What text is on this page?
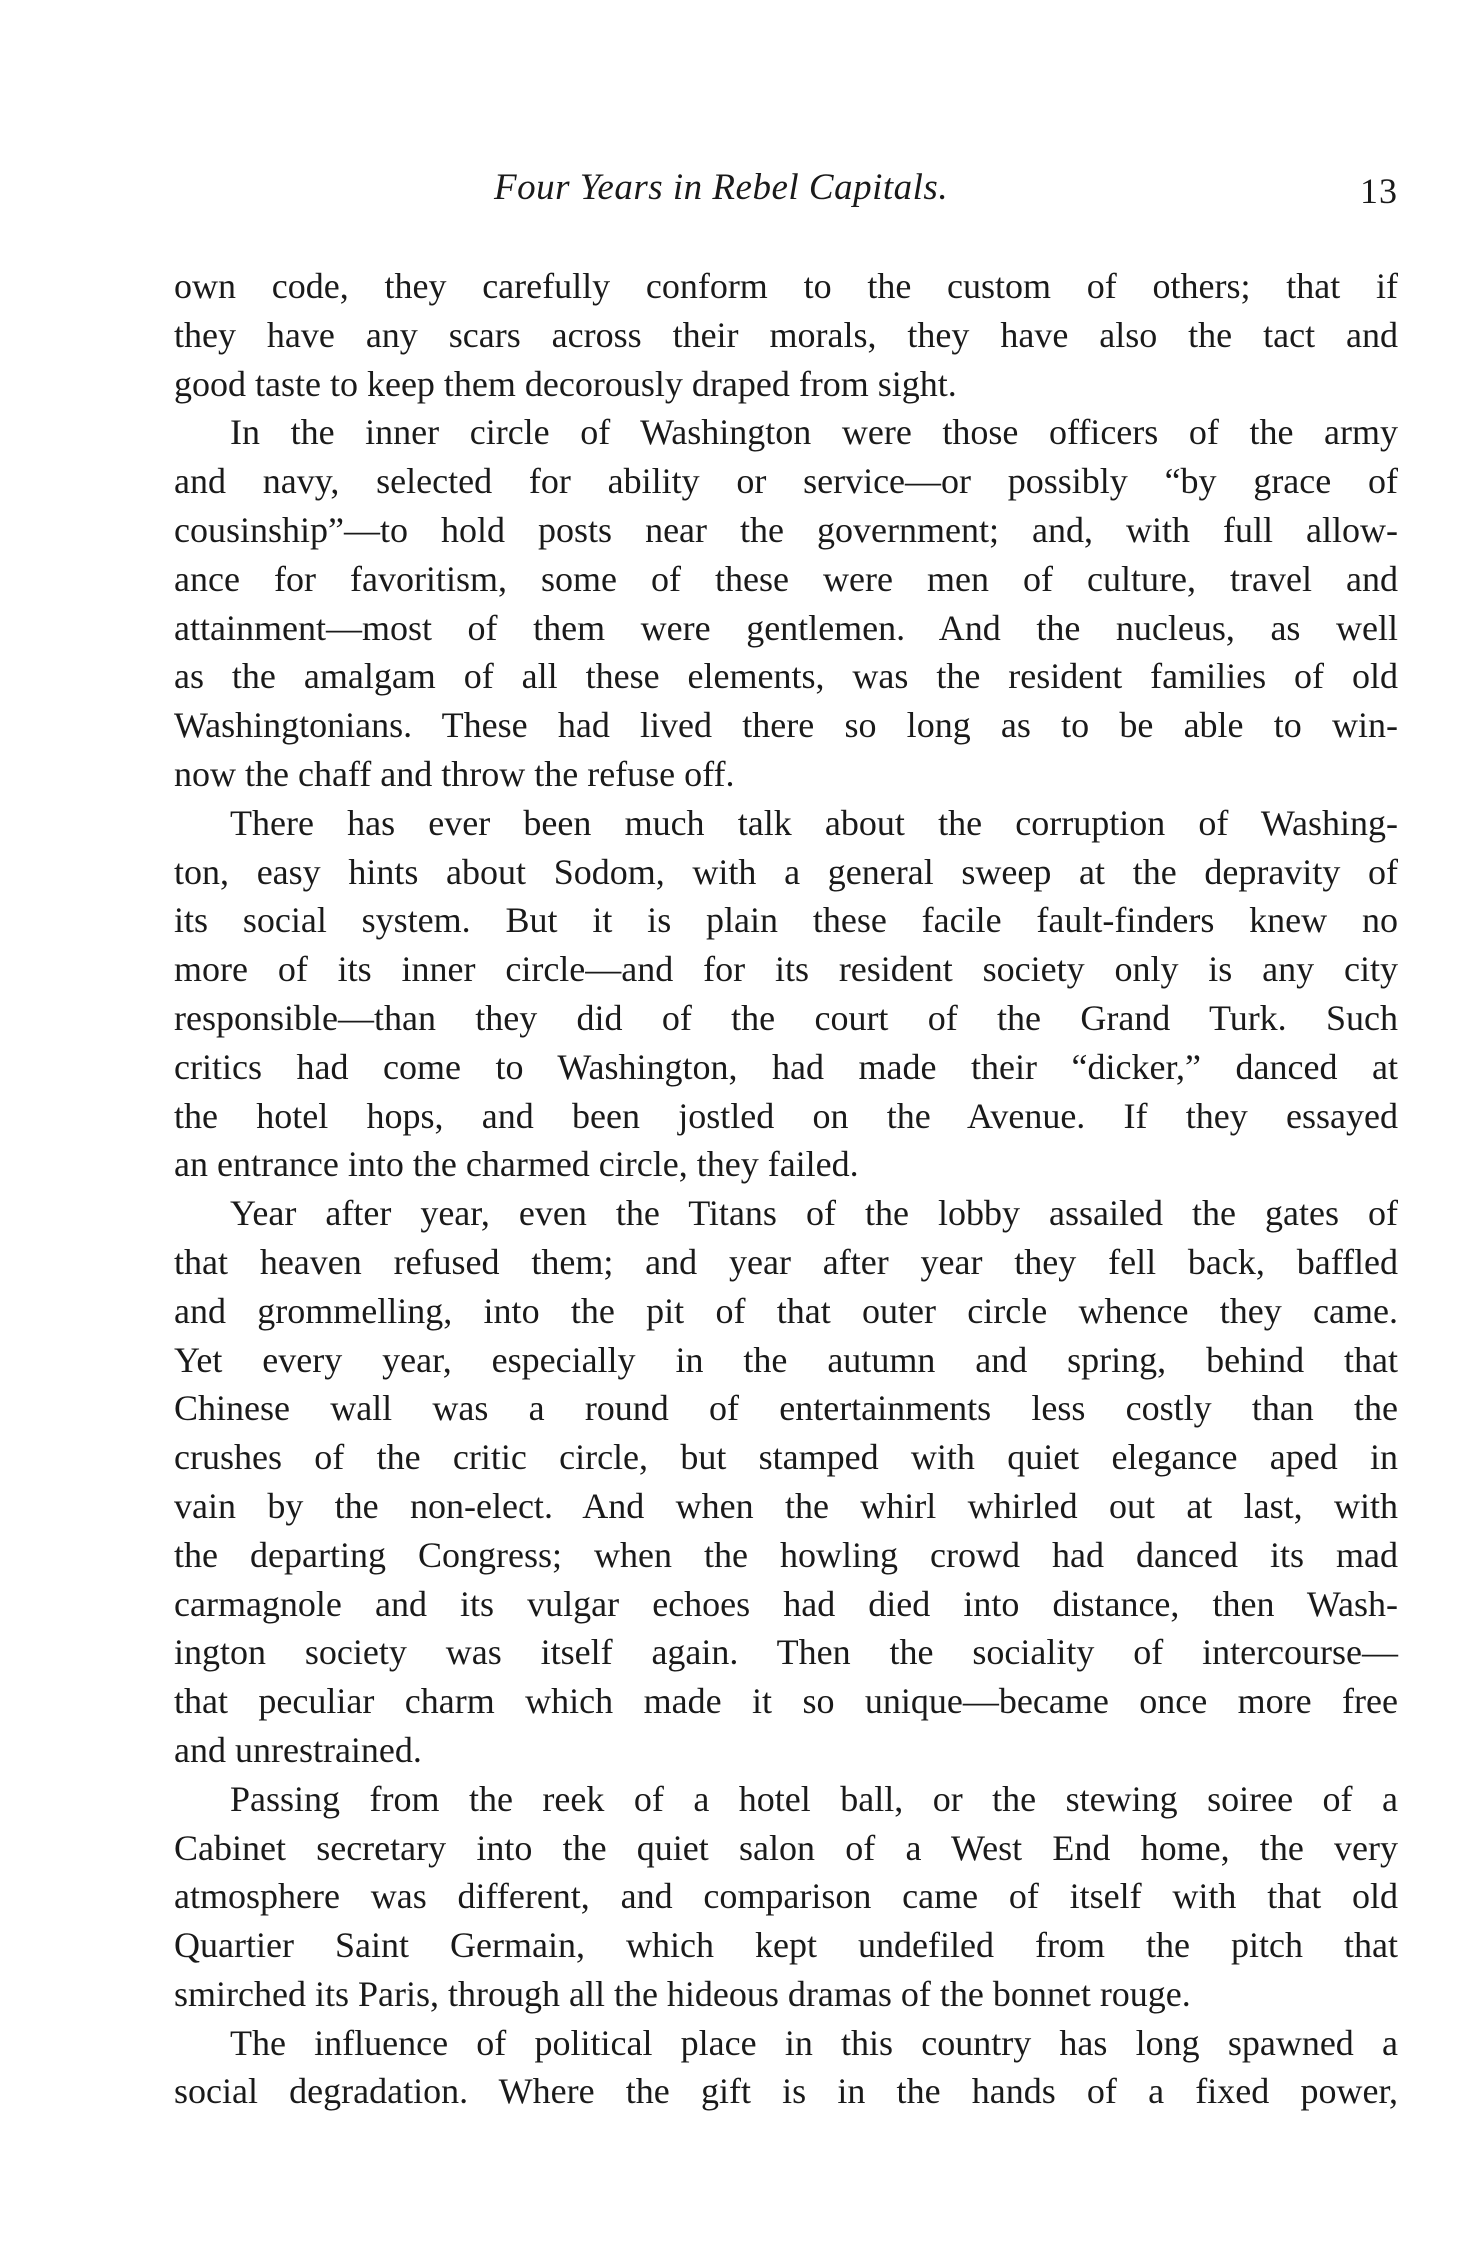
Four Years in Rebel Capitals.	13
own code, they carefully conform to the custom of others; that if
they have any scars across their morals, they have also the tact and
good taste to keep them decorously draped from sight.
In the inner circle of Washington were those officers of the army
and navy, selected for ability or service—or possibly “by grace of
cousinship”—to hold posts near the government; and, with full allow-
ance for favoritism, some of these were men of culture, travel and
attainment—most of them were gentlemen. And the nucleus, as well
as the amalgam of all these elements, was the resident families of old
Washingtonians. These had lived there so long as to be able to win-
now the chaff and throw the refuse off.
There has ever been much talk about the corruption of Washing-
ton, easy hints about Sodom, with a general sweep at the depravity of
its social system. But it is plain these facile fault-finders knew no
more of its inner circle—and for its resident society only is any city
responsible—than they did of the court of the Grand Turk. Such
critics had come to Washington, had made their “dicker,” danced at
the hotel hops, and been jostled on the Avenue. If they essayed
an entrance into the charmed circle, they failed.
Year after year, even the Titans of the lobby assailed the gates of
that heaven refused them; and year after year they fell back, baffled
and grommelling, into the pit of that outer circle whence they came.
Yet every year, especially in the autumn and spring, behind that
Chinese wall was a round of entertainments less costly than the
crushes of the critic circle, but stamped with quiet elegance aped in
vain by the non-elect. And when the whirl whirled out at last, with
the departing Congress; when the howling crowd had danced its mad
carmagnole and its vulgar echoes had died into distance, then Wash-
ington society was itself again. Then the sociality of intercourse—
that peculiar charm which made it so unique—became once more free
and unrestrained.
Passing from the reek of a hotel ball, or the stewing soiree of a
Cabinet secretary into the quiet salon of a West End home, the very
atmosphere was different, and comparison came of itself with that old
Quartier Saint Germain, which kept undefiled from the pitch that
smirched its Paris, through all the hideous dramas of the bonnet rouge.
The influence of political place in this country has long spawned a
social degradation. Where the gift is in the hands of a fixed power,
